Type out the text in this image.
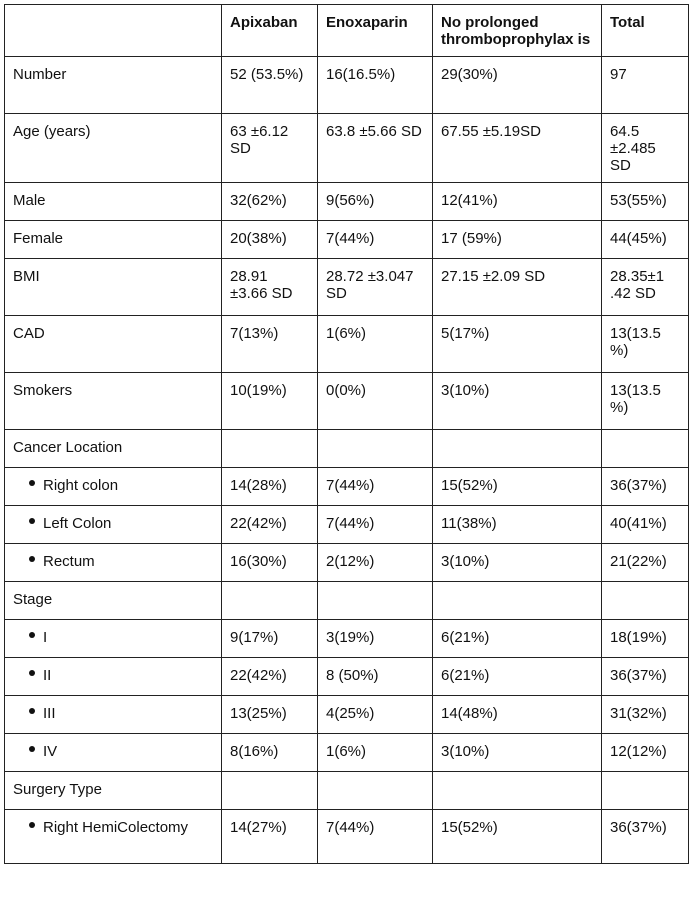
	Apixaban	Enoxaparin	No prolonged thromboprophylax is	Total
Number	52 (53.5%)	16(16.5%)	29(30%)	97
Age (years)	63 ±6.12 SD	63.8 ±5.66 SD	67.55 ±5.19SD	64.5 ±2.485 SD
Male	32(62%)	9(56%)	12(41%)	53(55%)
Female	20(38%)	7(44%)	17 (59%)	44(45%)
BMI	28.91 ±3.66 SD	28.72 ±3.047 SD	27.15 ±2.09 SD	28.35±1 .42 SD
CAD	7(13%)	1(6%)	5(17%)	13(13.5 %)
Smokers	10(19%)	0(0%)	3(10%)	13(13.5 %)
Cancer Location				

Right colon	14(28%)	7(44%)	15(52%)	36(37%)

Left Colon	22(42%)	7(44%)	11(38%)	40(41%)

Rectum	16(30%)	2(12%)	3(10%)	21(22%)
Stage				

I	9(17%)	3(19%)	6(21%)	18(19%)

II	22(42%)	8 (50%)	6(21%)	36(37%)

III	13(25%)	4(25%)	14(48%)	31(32%)

IV	8(16%)	1(6%)	3(10%)	12(12%)
Surgery Type				

Right HemiColectomy	14(27%)	7(44%)	15(52%)	36(37%)
